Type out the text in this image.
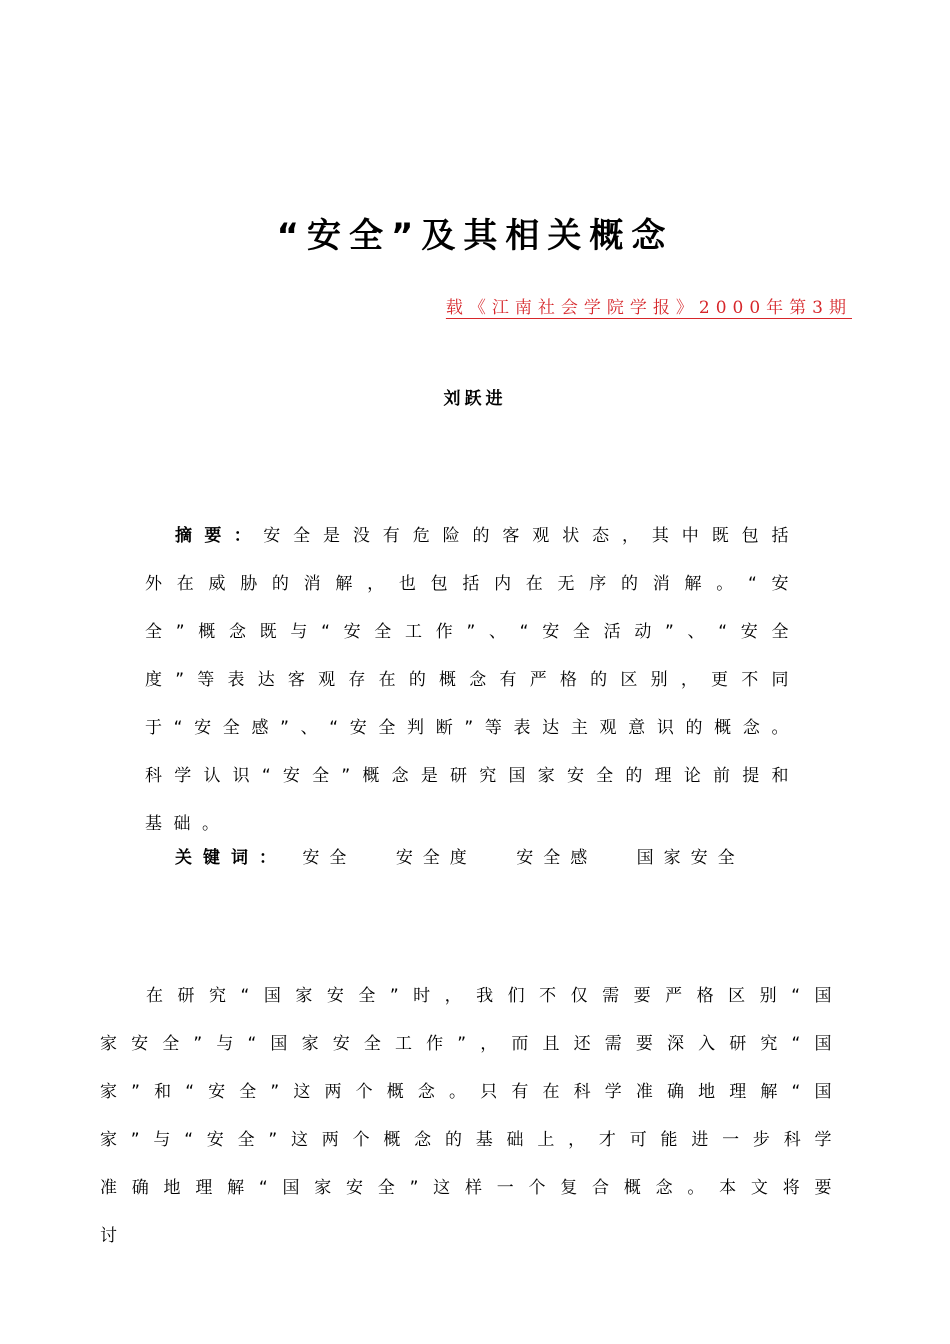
“安全”及其相关概念
载《江南社会学院学报》2000年第3期
刘跃进
摘要：安全是没有危险的客观状态，其中既包括外在威胁的消解，也包括内在无序的消解。“安全”概念既与“安全工作”、“安全活动”、“安全度”等表达客观存在的概念有严格的区别，更不同于“安全感”、“安全判断”等表达主观意识的概念。科学认识“安全”概念是研究国家安全的理论前提和基础。
关键词： 安全 安全度 安全感 国家安全
在研究“国家安全”时，我们不仅需要严格区别“国家安全”与“国家安全工作”，而且还需要深入研究“国家”和“安全”这两个概念。只有在科学准确地理解“国家”与“安全”这两个概念的基础上，才可能进一步科学准确地理解“国家安全”这样一个复合概念。本文将要讨
